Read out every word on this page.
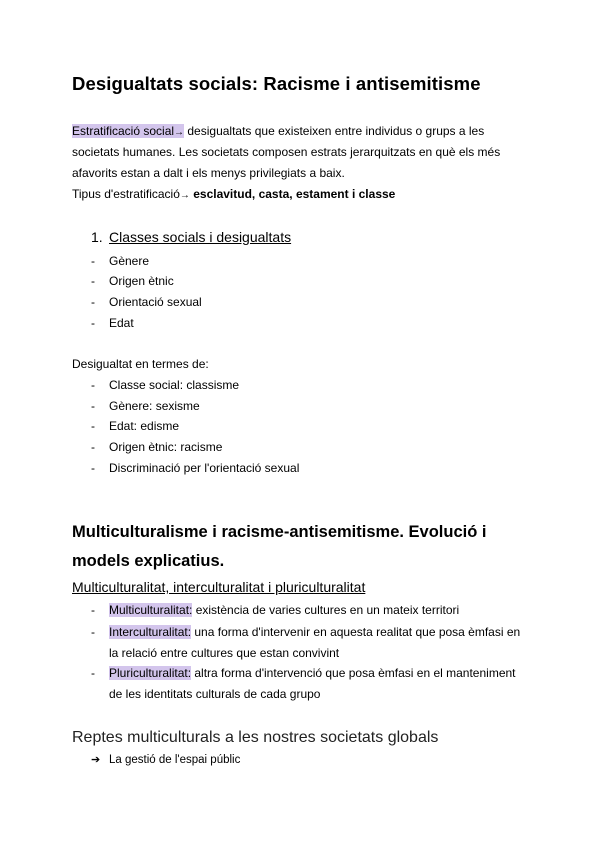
Desigualtats socials: Racisme i antisemitisme
Estratificació social→ desigualtats que existeixen entre individus o grups a les
societats humanes. Les societats composen estrats jerarquitzats en què els més
afavorits estan a dalt i els menys privilegiats a baix.
Tipus d'estratificació→ esclavitud, casta, estament i classe
1. Classes socials i desigualtats
- Gènere
- Origen ètnic
- Orientació sexual
- Edat
Desigualtat en termes de:
- Classe social: classisme
- Gènere: sexisme
- Edat: edisme
- Origen ètnic: racisme
- Discriminació per l'orientació sexual
Multiculturalisme i racisme-antisemitisme. Evolució i
models explicatius.
Multiculturalitat, interculturalitat i pluriculturalitat
- Multiculturalitat: existència de varies cultures en un mateix territori
- Interculturalitat: una forma d'intervenir en aquesta realitat que posa èmfasi en
la relació entre cultures que estan convivint
- Pluriculturalitat: altra forma d'intervenció que posa èmfasi en el manteniment
de les identitats culturals de cada grupo
Reptes multiculturals a les nostres societats globals
➔ La gestió de l'espai públic
